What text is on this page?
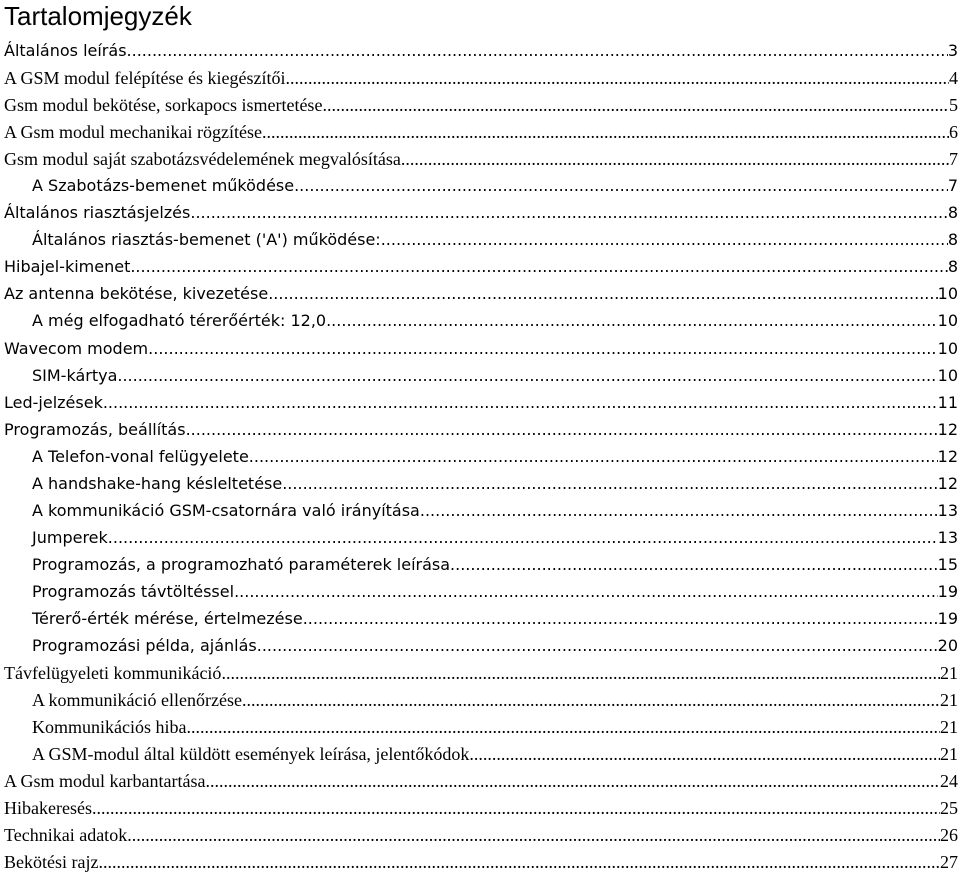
Tartalomjegyzék
Általános leírás .....	3
A GSM modul felépítése és kiegészítői .....	4
Gsm modul bekötése, sorkapocs ismertetése .....	5
A Gsm modul mechanikai rögzítése .....	6
Gsm modul saját szabotázsvédelemének megvalósítása .....	7
A Szabotázs-bemenet működése .....	7
Általános riasztásjelzés .....	8
Általános riasztás-bemenet ('A') működése: .....	8
Hibajel-kimenet .....	8
Az antenna bekötése, kivezetése .....	10
A még elfogadható térerőérték: 12,0 .....	10
Wavecom modem .....	10
SIM-kártya .....	10
Led-jelzések .....	11
Programozás, beállítás .....	12
A Telefon-vonal felügyelete .....	12
A handshake-hang késleltetése .....	12
A kommunikáció GSM-csatornára való irányítása .....	13
Jumperek .....	13
Programozás, a programozható paraméterek leírása .....	15
Programozás távtöltéssel .....	19
Térerő-érték mérése, értelmezése .....	19
Programozási példa, ajánlás .....	20
Távfelügyeleti kommunikáció .....	21
A kommunikáció ellenőrzése .....	21
Kommunikációs hiba .....	21
A GSM-modul által küldött események leírása, jelentőkódok .....	21
A Gsm modul karbantartása .....	24
Hibakeresés .....	25
Technikai adatok .....	26
Bekötési rajz .....	27
